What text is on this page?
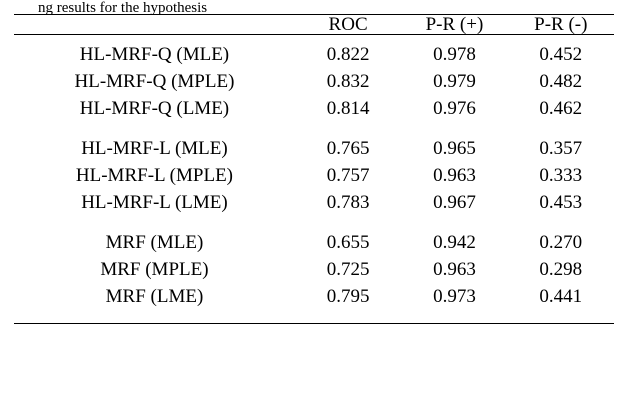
ng results for the hypothesis

	ROC	P-R (+)	P-R (-)

HL-MRF-Q (MLE)	0.822	0.978	0.452
HL-MRF-Q (MPLE)	0.832	0.979	0.482
HL-MRF-Q (LME)	0.814	0.976	0.462

HL-MRF-L (MLE)	0.765	0.965	0.357
HL-MRF-L (MPLE)	0.757	0.963	0.333
HL-MRF-L (LME)	0.783	0.967	0.453

MRF (MLE)	0.655	0.942	0.270
MRF (MPLE)	0.725	0.963	0.298
MRF (LME)	0.795	0.973	0.441
